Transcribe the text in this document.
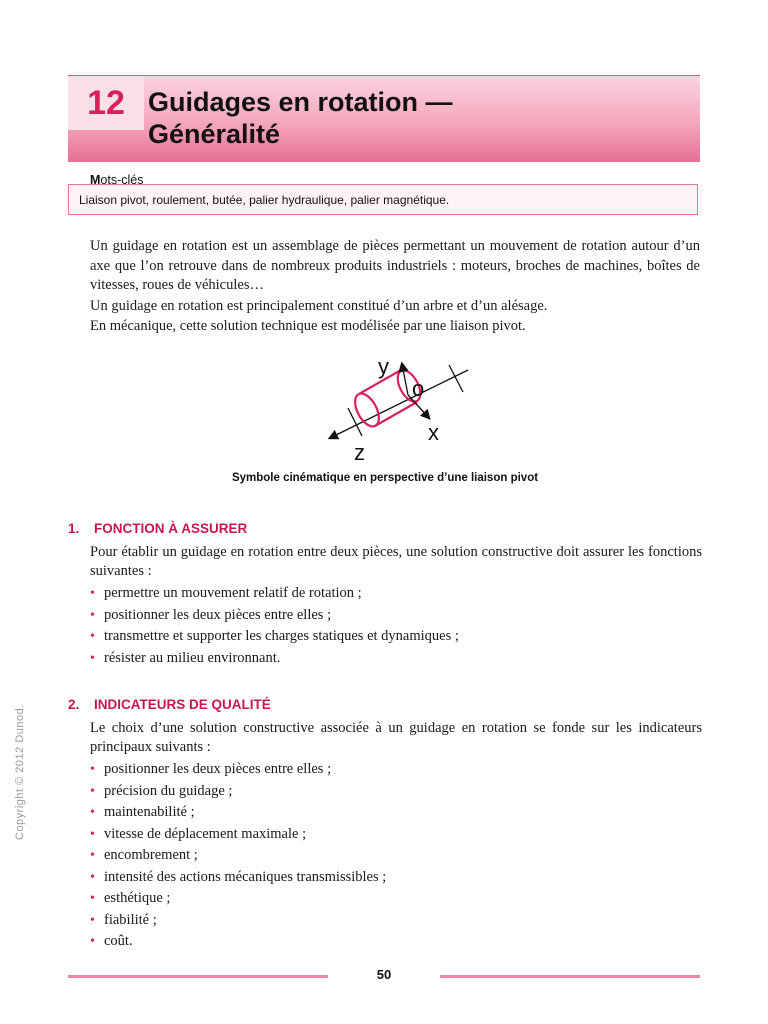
12 Guidages en rotation —
Généralité
Liaison pivot, roulement, butée, palier hydraulique, palier magnétique.
Mots-clés

Un guidage en rotation est un assemblage de pièces permettant un mouvement de rotation autour d’un axe que l’on retrouve dans de nombreux produits industriels : moteurs, broches de machines, boîtes de vitesses, roues de véhicules…

Un guidage en rotation est principalement constitué d’un arbre et d’un alésage.

En mécanique, cette solution technique est modélisée par une liaison pivot.

y
o
x
z
Symbole cinématique en perspective d’une liaison pivot
1. FONCTION À ASSURER

Pour établir un guidage en rotation entre deux pièces, une solution constructive doit assurer les fonctions suivantes :

• permettre un mouvement relatif de rotation ;
• positionner les deux pièces entre elles ;
• transmettre et supporter les charges statiques et dynamiques ;
• résister au milieu environnant.
2. INDICATEURS DE QUALITÉ

Le choix d’une solution constructive associée à un guidage en rotation se fonde sur les indicateurs principaux suivants :

• positionner les deux pièces entre elles ;
• précision du guidage ;
• maintenabilité ;
• vitesse de déplacement maximale ;
• encombrement ;
• intensité des actions mécaniques transmissibles ;
• esthétique ;
• fiabilité ;
• coût.
Copyright © 2012 Dunod.
50
